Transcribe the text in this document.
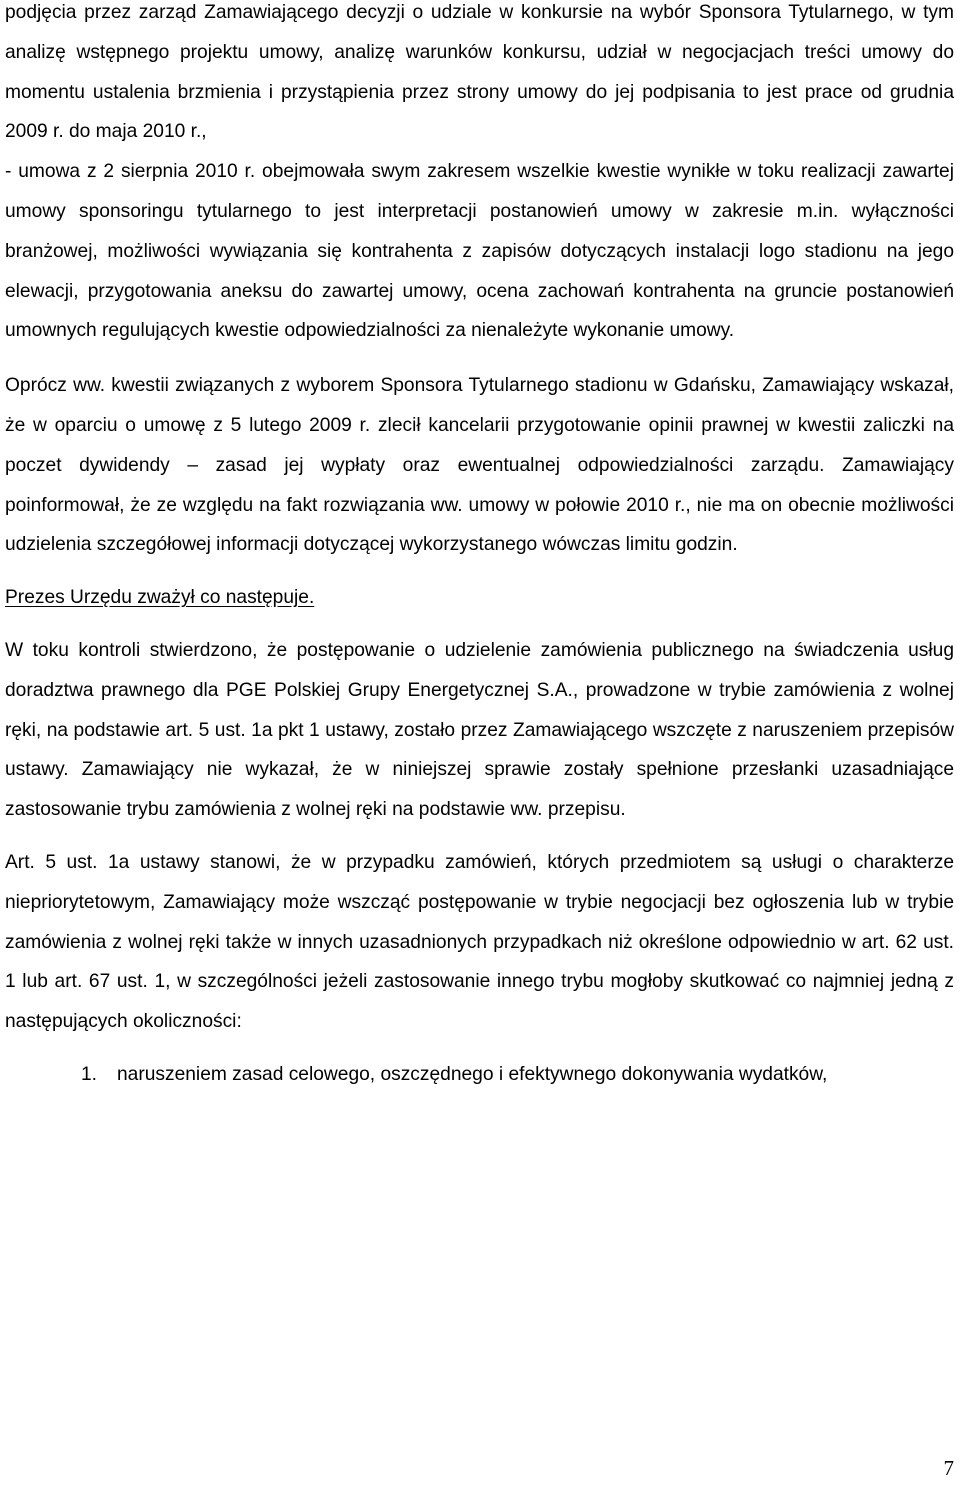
podjęcia przez zarząd Zamawiającego decyzji o udziale w konkursie na wybór Sponsora Tytularnego, w tym analizę wstępnego projektu umowy, analizę warunków konkursu, udział w negocjacjach treści umowy do momentu ustalenia brzmienia i przystąpienia przez strony umowy do jej podpisania to jest prace od grudnia 2009 r. do maja 2010 r.,

- umowa z 2 sierpnia 2010 r. obejmowała swym zakresem wszelkie kwestie wynikłe w toku realizacji zawartej umowy sponsoringu tytularnego to jest interpretacji postanowień umowy w zakresie m.in. wyłączności branżowej, możliwości wywiązania się kontrahenta z zapisów dotyczących instalacji logo stadionu na jego elewacji, przygotowania aneksu do zawartej umowy, ocena zachowań kontrahenta na gruncie postanowień umownych regulujących kwestie odpowiedzialności za nienależyte wykonanie umowy.

Oprócz ww. kwestii związanych z wyborem Sponsora Tytularnego stadionu w Gdańsku, Zamawiający wskazał, że w oparciu o umowę z 5 lutego 2009 r. zlecił kancelarii przygotowanie opinii prawnej w kwestii zaliczki na poczet dywidendy – zasad jej wypłaty oraz ewentualnej odpowiedzialności zarządu. Zamawiający poinformował, że ze względu na fakt rozwiązania ww. umowy w połowie 2010 r., nie ma on obecnie możliwości udzielenia szczegółowej informacji dotyczącej wykorzystanego wówczas limitu godzin.

Prezes Urzędu zważył co następuje.

W toku kontroli stwierdzono, że postępowanie o udzielenie zamówienia publicznego na świadczenia usług doradztwa prawnego dla PGE Polskiej Grupy Energetycznej S.A., prowadzone w trybie zamówienia z wolnej ręki, na podstawie art. 5 ust. 1a pkt 1 ustawy, zostało przez Zamawiającego wszczęte z naruszeniem przepisów ustawy. Zamawiający nie wykazał, że w niniejszej sprawie zostały spełnione przesłanki uzasadniające zastosowanie trybu zamówienia z wolnej ręki na podstawie ww. przepisu.

Art. 5 ust. 1a ustawy stanowi, że w przypadku zamówień, których przedmiotem są usługi o charakterze niepriorytetowym, Zamawiający może wszcząć postępowanie w trybie negocjacji bez ogłoszenia lub w trybie zamówienia z wolnej ręki także w innych uzasadnionych przypadkach niż określone odpowiednio w art. 62 ust. 1 lub art. 67 ust. 1, w szczególności jeżeli zastosowanie innego trybu mogłoby skutkować co najmniej jedną z następujących okoliczności:

1. naruszeniem zasad celowego, oszczędnego i efektywnego dokonywania wydatków,
7
